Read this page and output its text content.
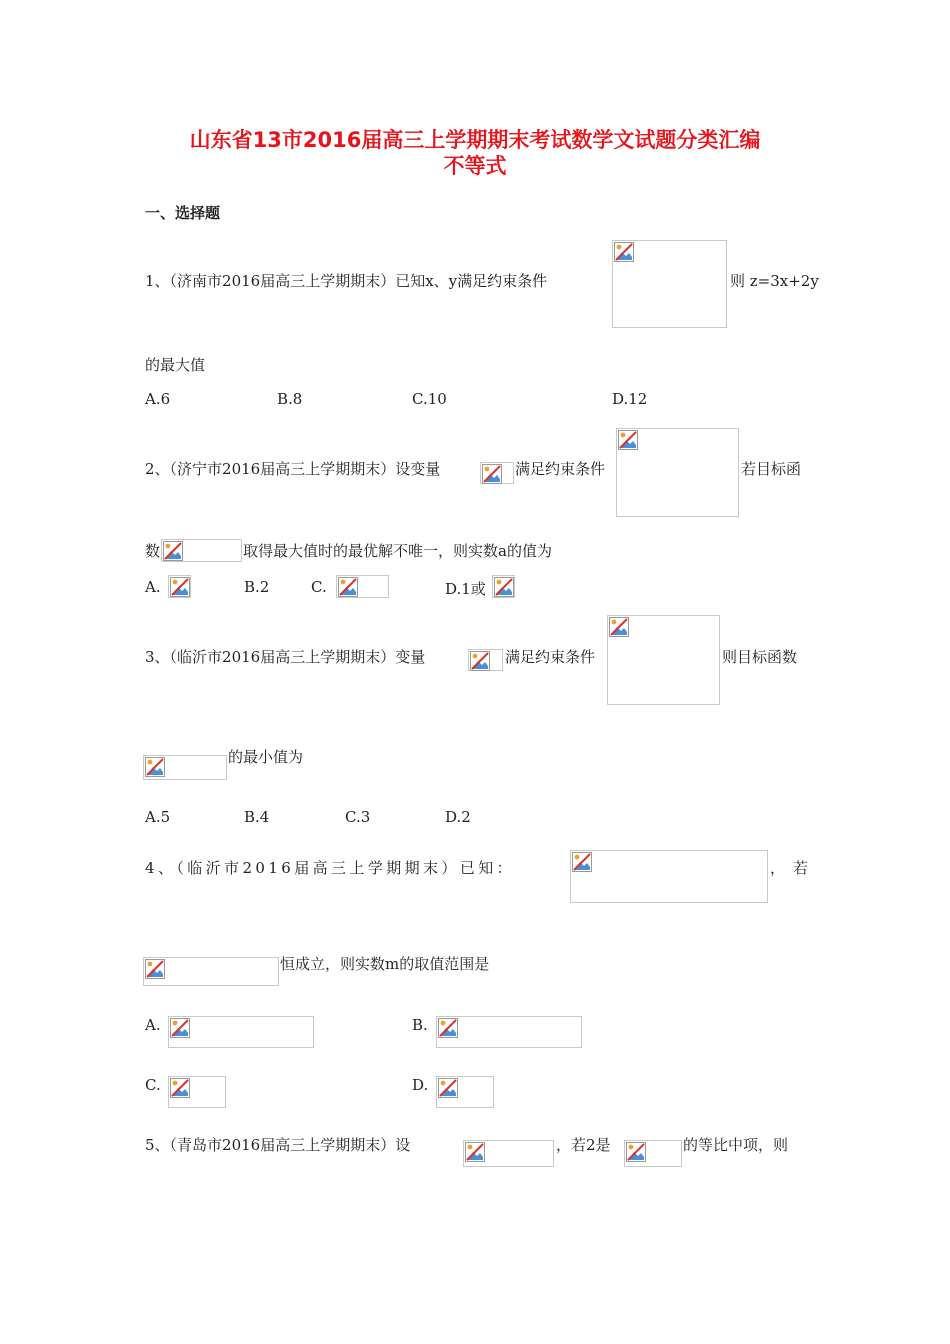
山东省13市2016届高三上学期期末考试数学文试题分类汇编
不等式
一、选择题
1、（济南市2016届高三上学期期末）已知x、y满足约束条件	则 z=3x+2y
的最大值
A.6	B.8	C.10	D.12
2、（济宁市2016届高三上学期期末）设变量	满足约束条件	若目标函
数	取得最大值时的最优解不唯一，则实数a的值为
A.	B.2	C.	D.1或
3、（临沂市2016届高三上学期期末）变量	满足约束条件	则目标函数
的最小值为
A.5	B.4	C.3	D.2
4、（临沂市2016届高三上学期期末）已知：	，若
恒成立，则实数m的取值范围是
A.	B.
C.	D.
5、（青岛市2016届高三上学期期末）设	，若2是	的等比中项，则
